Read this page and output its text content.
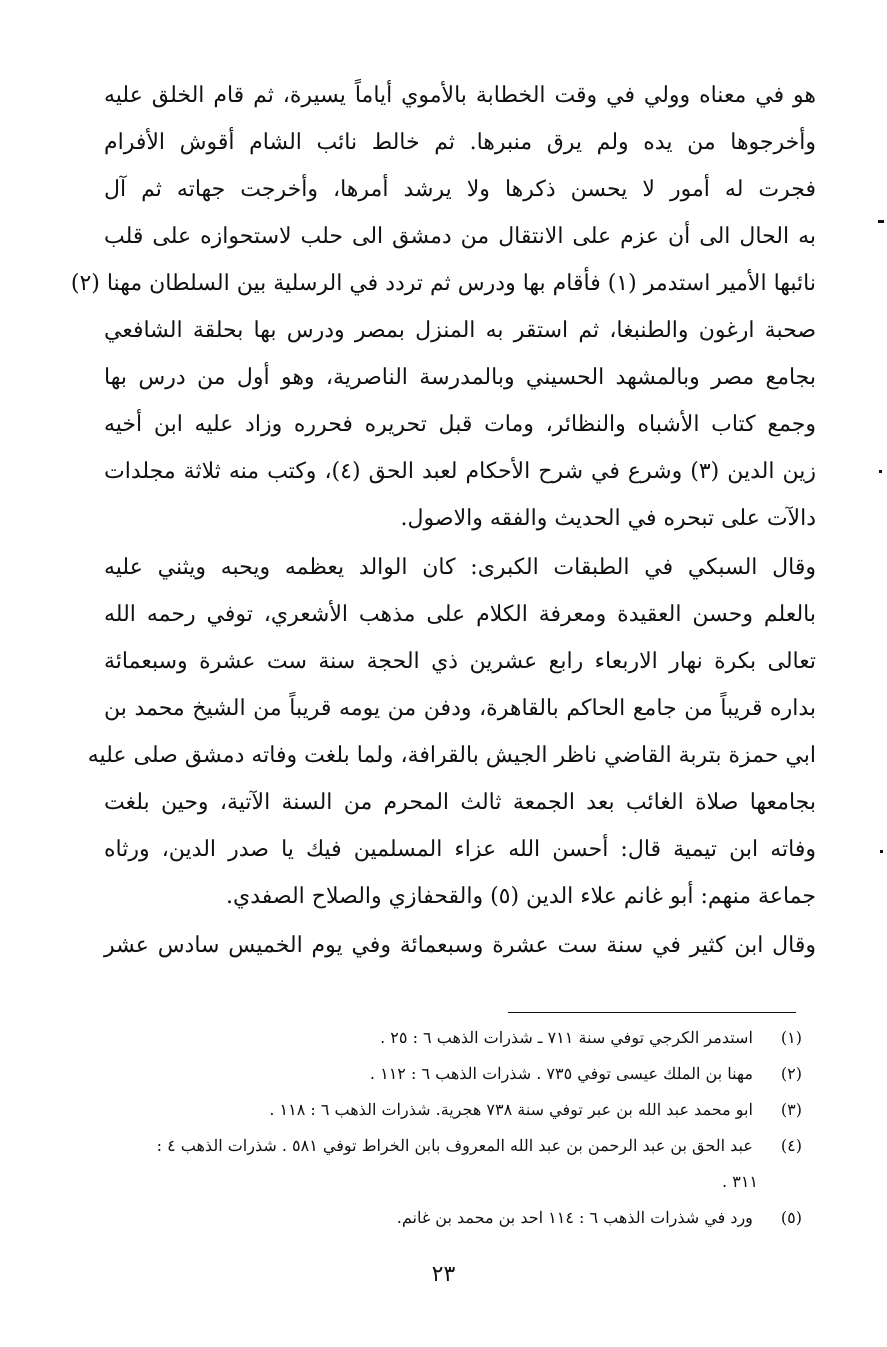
هو في معناه وولي في وقت الخطابة بالأموي أياماً يسيرة، ثم قام الخلق عليه
وأخرجوها من يده ولم يرق منبرها. ثم خالط نائب الشام أقوش الأفرام
فجرت له أمور لا يحسن ذكرها ولا يرشد أمرها، وأخرجت جهاته ثم آل
به الحال الى أن عزم على الانتقال من دمشق الى حلب لاستحوازه على قلب
نائبها الأمير استدمر (١) فأقام بها ودرس ثم تردد في الرسلية بين السلطان مهنا (٢)
صحبة ارغون والطنبغا، ثم استقر به المنزل بمصر ودرس بها بحلقة الشافعي
بجامع مصر وبالمشهد الحسيني وبالمدرسة الناصرية، وهو أول من درس بها
وجمع كتاب الأشباه والنظائر، ومات قبل تحريره فحرره وزاد عليه ابن أخيه
زين الدين (٣) وشرع في شرح الأحكام لعبد الحق (٤)، وكتب منه ثلاثة مجلدات
دالآت على تبحره في الحديث والفقه والاصول.
وقال السبكي في الطبقات الكبرى: كان الوالد يعظمه ويحبه ويثني عليه
بالعلم وحسن العقيدة ومعرفة الكلام على مذهب الأشعري، توفي رحمه الله
تعالى بكرة نهار الاربعاء رابع عشرين ذي الحجة سنة ست عشرة وسبعمائة
بداره قريباً من جامع الحاكم بالقاهرة، ودفن من يومه قريباً من الشيخ محمد بن
ابي حمزة بتربة القاضي ناظر الجيش بالقرافة، ولما بلغت وفاته دمشق صلى عليه
بجامعها صلاة الغائب بعد الجمعة ثالث المحرم من السنة الآتية، وحين بلغت
وفاته ابن تيمية قال: أحسن الله عزاء المسلمين فيك يا صدر الدين، ورثاه
جماعة منهم: أبو غانم علاء الدين (٥) والقحفازي والصلاح الصفدي.
وقال ابن كثير في سنة ست عشرة وسبعمائة وفي يوم الخميس سادس عشر
(١) استدمر الكرجي توفي سنة ٧١١ ـ شذرات الذهب ٦ : ٢٥ .
(٢) مهنا بن الملك عيسى توفي ٧٣٥ . شذرات الذهب ٦ : ١١٢ .
(٣) ابو محمد عبد الله بن عبر توفي سنة ٧٣٨ هجرية. شذرات الذهب ٦ : ١١٨ .
(٤) عبد الحق بن عبد الرحمن بن عبد الله المعروف بابن الخراط توفي ٥٨١ . شذرات الذهب ٤ :
٣١١ .
(٥) ورد في شذرات الذهب ٦ : ١١٤ احد بن محمد بن غانم.
٢٣
